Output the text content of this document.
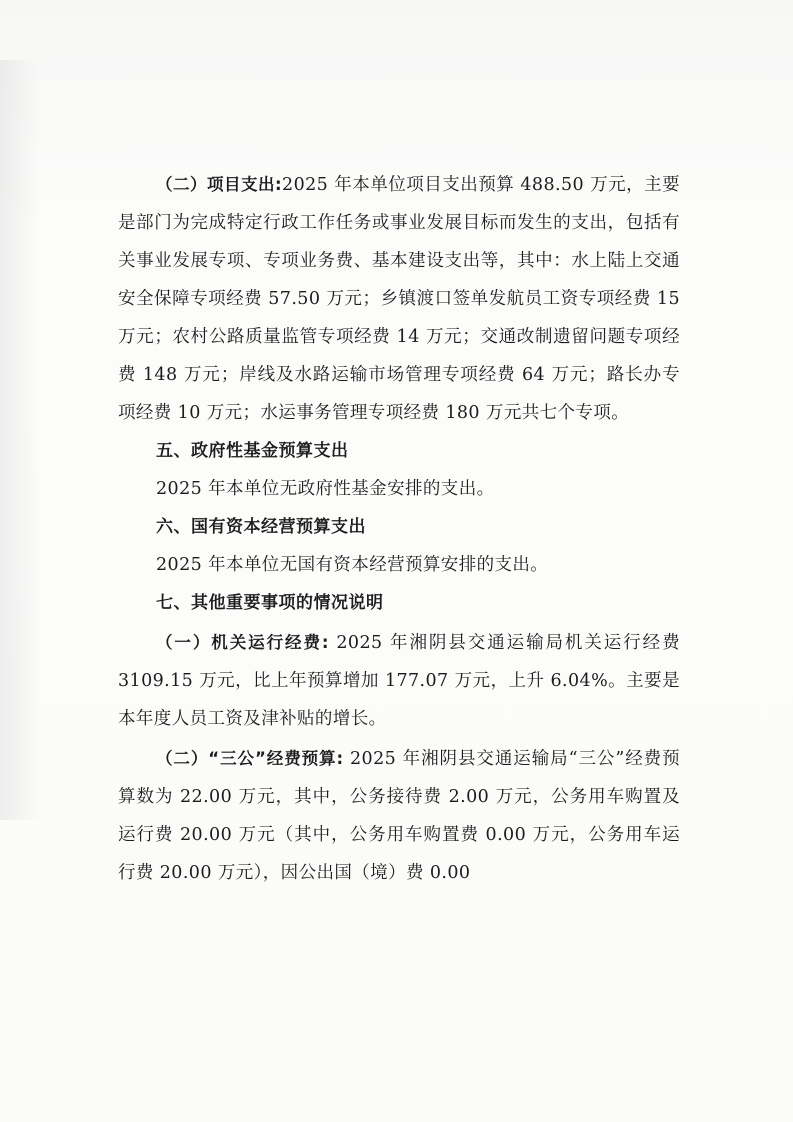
（二）项目支出:2025 年本单位项目支出预算 488.50 万元，主要是部门为完成特定行政工作任务或事业发展目标而发生的支出，包括有关事业发展专项、专项业务费、基本建设支出等，其中：水上陆上交通安全保障专项经费 57.50 万元；乡镇渡口签单发航员工资专项经费 15 万元；农村公路质量监管专项经费 14 万元；交通改制遗留问题专项经费 148 万元；岸线及水路运输市场管理专项经费 64 万元；路长办专项经费 10 万元；水运事务管理专项经费 180 万元共七个专项。

五、政府性基金预算支出

2025 年本单位无政府性基金安排的支出。

六、国有资本经营预算支出

2025 年本单位无国有资本经营预算安排的支出。

七、其他重要事项的情况说明

（一）机关运行经费: 2025 年湘阴县交通运输局机关运行经费 3109.15 万元，比上年预算增加 177.07 万元，上升 6.04%。主要是本年度人员工资及津补贴的增长。

（二）“三公”经费预算: 2025 年湘阴县交通运输局“三公”经费预算数为 22.00 万元，其中，公务接待费 2.00 万元，公务用车购置及运行费 20.00 万元（其中，公务用车购置费 0.00 万元，公务用车运行费 20.00 万元），因公出国（境）费 0.00
